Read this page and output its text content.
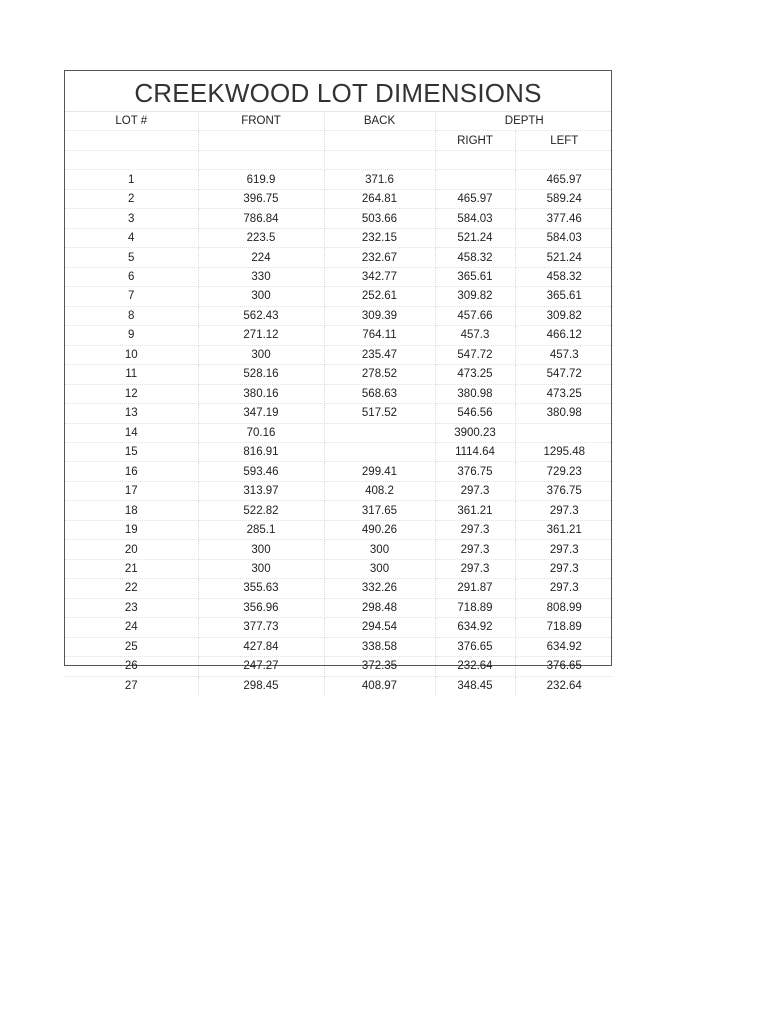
CREEKWOOD LOT DIMENSIONS
LOT #	FRONT	BACK	DEPTH	
			RIGHT	LEFT

1	619.9	371.6		465.97
2	396.75	264.81	465.97	589.24
3	786.84	503.66	584.03	377.46
4	223.5	232.15	521.24	584.03
5	224	232.67	458.32	521.24
6	330	342.77	365.61	458.32
7	300	252.61	309.82	365.61
8	562.43	309.39	457.66	309.82
9	271.12	764.11	457.3	466.12
10	300	235.47	547.72	457.3
11	528.16	278.52	473.25	547.72
12	380.16	568.63	380.98	473.25
13	347.19	517.52	546.56	380.98
14	70.16		3900.23	
15	816.91		1114.64	1295.48
16	593.46	299.41	376.75	729.23
17	313.97	408.2	297.3	376.75
18	522.82	317.65	361.21	297.3
19	285.1	490.26	297.3	361.21
20	300	300	297.3	297.3
21	300	300	297.3	297.3
22	355.63	332.26	291.87	297.3
23	356.96	298.48	718.89	808.99
24	377.73	294.54	634.92	718.89
25	427.84	338.58	376.65	634.92
26	247.27	372.35	232.64	376.65
27	298.45	408.97	348.45	232.64
